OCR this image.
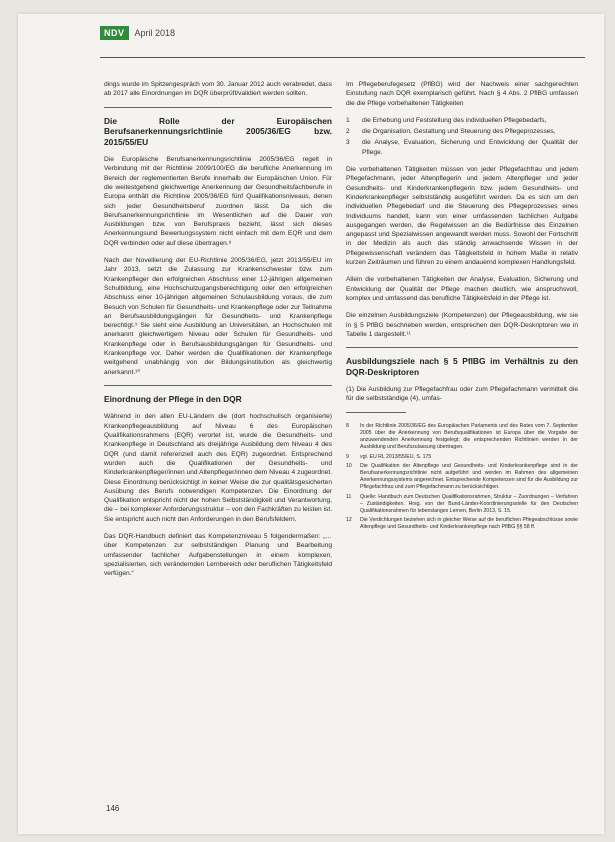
NDV	April 2018

dings wurde im Spitzengespräch vom 30. Januar 2012 auch verabredet, dass ab 2017 alle Einordnungen im DQR überprüft/validiert werden sollten.

Die Rolle der Europäischen Berufsanerkennungsrichtlinie 2005/36/EG bzw. 2015/55/EU

Die Europäische Berufsanerkennungsrichtlinie 2005/36/EG regelt in Verbindung mit der Richtlinie 2009/100/EG die berufliche Anerkennung im Bereich der reglementierten Berufe innerhalb der Europäischen Union. Für die weitestgehend gleichwertige Anerkennung der Gesundheitsfachberufe in Europa enthält die Richtlinie 2005/36/EG fünf Qualifikationsniveaus, denen sich jeder Gesundheitsberuf zuordnen lässt. Da sich die Berufsanerkennungsrichtlinie im Wesentlichen auf die Dauer von Ausbildungen bzw. von Berufspraxis bezieht, lässt sich dieses Anerkennungsund Bewertungssystem nicht einfach mit dem EQR und dem DQR verbinden oder auf diese übertragen.⁸

Nach der Novellierung der EU-Richtlinie 2005/36/EG, jetzt 2013/55/EU im Jahr 2013, setzt die Zulassung zur Krankenschwester bzw. zum Krankenpfleger den erfolgreichen Abschluss einer 12-jährigen allgemeinen Schulbildung, eine Hochschulzugangsberechtigung oder den erfolgreichen Abschluss einer 10-jährigen allgemeinen Schulausbildung voraus, die zum Besuch von Schulen für Gesundheits- und Krankenpflege oder zur Teilnahme an Berufsausbildungsgängen für Gesundheits- und Krankenpflege berechtigt.⁹ Sie sieht eine Ausbildung an Universitäten, an Hochschulen mit anerkannt gleichwertigem Niveau oder Schulen für Gesundheits- und Krankenpflege oder in Berufsausbildungsgängen für Gesundheits- und Krankenpflege vor. Daher werden die Qualifikationen der Krankenpflege weitgehend unabhängig von der Bildungsinstitution als gleichwertig anerkannt.¹⁰

Einordnung der Pflege in den DQR

Während in den allen EU-Ländern die (dort hochschulisch organisierte) Krankenpflegeausbildung auf Niveau 6 des Europäischen Qualifikationsrahmens (EQR) verortet ist, wurde die Gesundheits- und Krankenpflege in Deutschland als dreijährige Ausbildung dem Niveau 4 des DQR (und damit referenziell auch des EQR) zugeordnet. Entsprechend wurden auch die Qualifikationen der Gesundheits- und Kinderkrankenpfleger/innen und Altenpfleger/innen dem Niveau 4 zugeordnet. Diese Einordnung berücksichtigt in keiner Weise die zur qualitätsgesicherten Ausübung des Berufs notwendigen Kompetenzen. Die Einordnung der Qualifikation entspricht nicht der hohen Selbstständigkeit und Verantwortung, die – bei komplexer Anforderungsstruktur – von den Fachkräften zu leisten ist. Sie entspricht auch nicht den Anforderungen in den Berufsfeldern.

Das DQR-Handbuch definiert das Kompetenzniveau 5 folgendermaßen: „… über Kompetenzen zur selbstständigen Planung und Bearbeitung umfassender fachlicher Aufgabenstellungen in einem komplexen, spezialisierten, sich verändernden Lernbereich oder beruflichen Tätigkeitsfeld verfügen.“

Im Pflegeberufegesetz (PflBG) wird der Nachweis einer sachgerechten Einstufung nach DQR exemplarisch geführt. Nach § 4 Abs. 2 PflBG umfassen die die Pflege vorbehaltenen Tätigkeiten

1	die Erhebung und Feststellung des individuellen Pflegebedarfs,
2	die Organisation, Gestaltung und Steuerung des Pflegeprozesses,
3	die Analyse, Evaluation, Sicherung und Entwicklung der Qualität der Pflege.

Die vorbehaltenen Tätigkeiten müssen von jeder Pflegefachfrau und jedem Pflegefachmann, jeder Altenpflegerin und jedem Altenpfleger und jeder Gesundheits- und Kinderkrankenpflegerin bzw. jedem Gesundheits- und Kinderkrankenpfleger selbstständig ausgeführt werden. Da es sich um den individuellen Pflegebedarf und die Steuerung des Pflegeprozesses eines Individuums handelt, kann von einer umfassenden fachlichen Aufgabe ausgegangen werden, die Regelwissen an die Bedürfnisse des Einzelnen angepasst und Spezialwissen angewandt werden muss. Sowohl der Fortschritt in der Medizin als auch das ständig anwachsende Wissen in der Pflegewissenschaft verändern das Tätigkeitsfeld in hohem Maße in relativ kurzen Zeiträumen und führen zu einem andauernd komplexen Handlungsfeld.

Allein die vorbehaltenen Tätigkeiten der Analyse, Evaluation, Sicherung und Entwicklung der Qualität der Pflege machen deutlich, wie anspruchsvoll, komplex und umfassend das berufliche Tätigkeitsfeld in der Pflege ist.

Die einzelnen Ausbildungsziele (Kompetenzen) der Pflegeausbildung, wie sie in § 5 PflBG beschrieben werden, entsprechen den DQR-Deskriptoren wie in Tabelle 1 dargestellt.¹¹

Ausbildungsziele nach § 5 PflBG im Verhältnis zu den DQR-Deskriptoren

(1) Die Ausbildung zur Pflegefachfrau oder zum Pflegefachmann vermittelt die für die selbstständige (4), umfas-

8	In der Richtlinie 2005/36/EG des Europäischen Parlaments und des Rates vom 7. September 2005 über die Anerkennung von Berufsqualifikationen ist Europa über die Vorgabe der anzuwendenden Anerkennung festgelegt; die entsprechenden Richtlinien werden in der Ausbildung und Berufszulassung übertragen.
9	vgl. EU RL 2013/55/EU, S. 175
10	Die Qualifikation der Altenpflege und Gesundheits- und Kinderkrankenpflege sind in der Berufsanerkennungsrichtlinie nicht aufgeführt und werden im Rahmen des allgemeinen Anerkennungssystems angerechnet. Entsprechende Kompetenzen sind für die Ausbildung zur Pflegefachfrau und zum Pflegefachmann zu berücksichtigen.
11	Quelle: Handbuch zum Deutschen Qualifikationsrahmen, Struktur – Zuordnungen – Verfahren – Zuständigkeiten. Hrsg. von der Bund-Länder-Koordinierungsstelle für den Deutschen Qualifikationsrahmen für lebenslanges Lernen, Berlin 2013, S. 15.
12	Die Verdichtungen beziehen sich in gleicher Weise auf die beruflichen Pflegeabschlüsse sowie Altenpflege und Gesundheits- und Kinderkrankenpflege nach PflBG §§ 58 ff.
146
